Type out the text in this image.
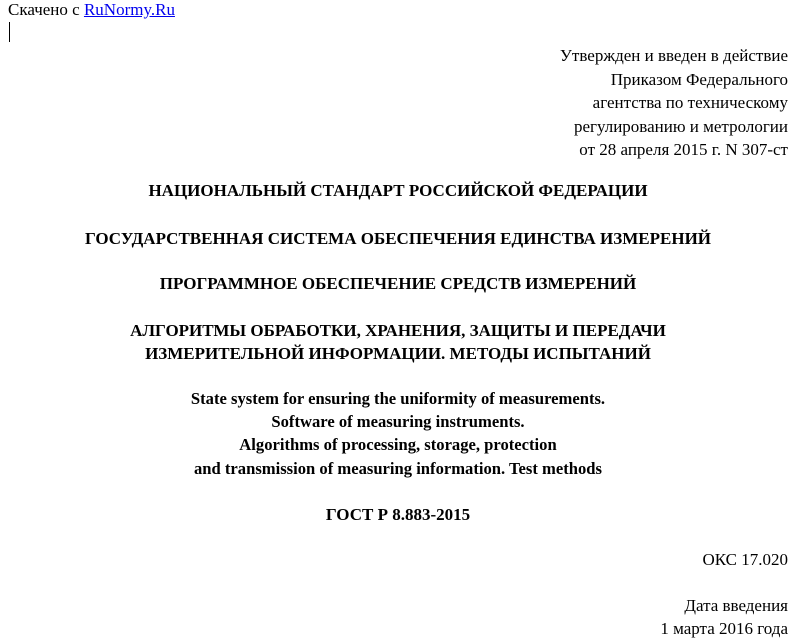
Скачено с RuNormy.Ru
Утвержден и введен в действие
Приказом Федерального
агентства по техническому
регулированию и метрологии
от 28 апреля 2015 г. N 307-ст
НАЦИОНАЛЬНЫЙ СТАНДАРТ РОССИЙСКОЙ ФЕДЕРАЦИИ
ГОСУДАРСТВЕННАЯ СИСТЕМА ОБЕСПЕЧЕНИЯ ЕДИНСТВА ИЗМЕРЕНИЙ
ПРОГРАММНОЕ ОБЕСПЕЧЕНИЕ СРЕДСТВ ИЗМЕРЕНИЙ
АЛГОРИТМЫ ОБРАБОТКИ, ХРАНЕНИЯ, ЗАЩИТЫ И ПЕРЕДАЧИ
ИЗМЕРИТЕЛЬНОЙ ИНФОРМАЦИИ. МЕТОДЫ ИСПЫТАНИЙ
State system for ensuring the uniformity of measurements.
Software of measuring instruments.
Algorithms of processing, storage, protection
and transmission of measuring information. Test methods
ГОСТ Р 8.883-2015
ОКС 17.020
Дата введения
1 марта 2016 года
